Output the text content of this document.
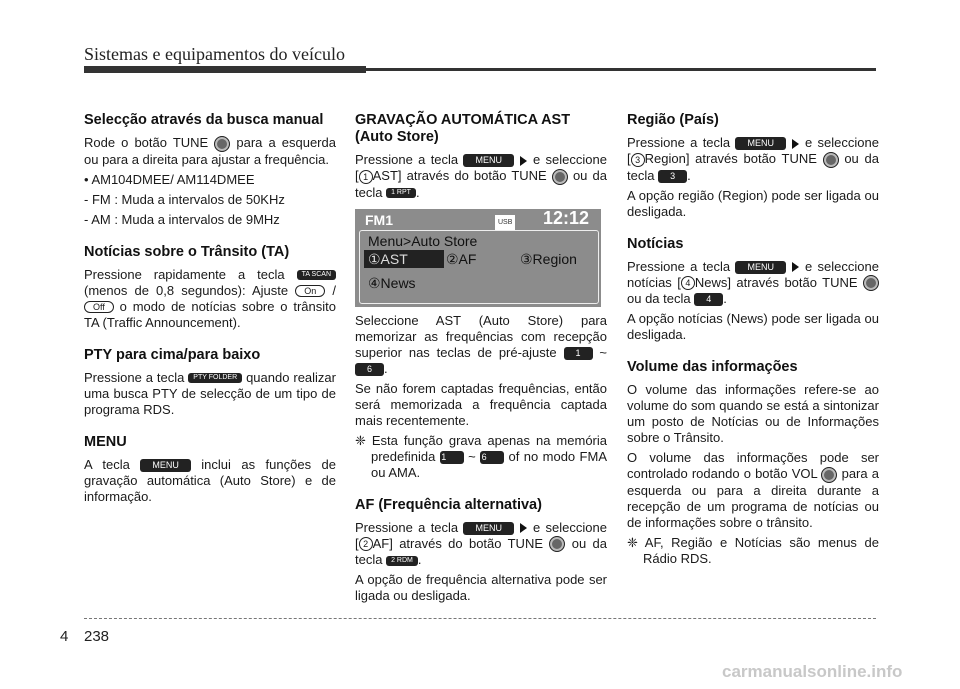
Sistemas e equipamentos do veículo
Selecção através da busca manual

Rode o botão TUNE para a esquerda ou para a direita para ajustar a frequência.

• AM104DMEE/ AM114DMEE

- FM : Muda a intervalos de 50KHz

- AM : Muda a intervalos de 9MHz

Notícias sobre o Trânsito (TA)

Pressione rapidamente a tecla TA SCAN (menos de 0,8 segundos): Ajuste On /Off o modo de notícias sobre o trânsito TA (Traffic Announcement).

PTY para cima/para baixo

Pressione a tecla PTY FOLDER quando realizar uma busca PTY de selecção de um tipo de programa RDS.

MENU

A tecla MENU inclui as funções de gravação automática (Auto Store) e de informação.

GRAVAÇÃO AUTOMÁTICA AST (Auto Store)

Pressione a tecla MENU e seleccione [ 1 AST] através do botão TUNE ou da tecla 1 RPT .

FM1	USB 12:12
Menu>Auto Store
①AST	②AF	③Region
④News

Seleccione AST (Auto Store) para memorizar as frequências com recepção superior nas teclas de pré-ajuste 1 ~ 6 .

Se não forem captadas frequências, então será memorizada a frequência captada mais recentemente.

❈ Esta função grava apenas na memória predefinida 1 ~ 6 of no modo FMA ou AMA.

AF (Frequência alternativa)

Pressione a tecla MENU e seleccione [ 2 AF] através do botão TUNE ou da tecla 2 RDM .

A opção de frequência alternativa pode ser ligada ou desligada.

Região (País)

Pressione a tecla MENU e seleccione [ 3 Region] através botão TUNE ou da tecla 3 .

A opção região (Region) pode ser ligada ou desligada.

Notícias

Pressione a tecla MENU e seleccione notícias [ 4 News] através botão TUNE  ou da tecla 4 .

A opção notícias (News) pode ser ligada ou desligada.

Volume das informações

O volume das informações refere-se ao volume do som quando se está a sintonizar um posto de Notícias ou de Informações sobre o Trânsito.

O volume das informações pode ser controlado rodando o botão VOL para a esquerda ou para a direita durante a recepção de um programa de notícias ou de informações sobre o trânsito.

❈ AF, Região e Notícias são menus de Rádio RDS.

4 238
carmanualsonline.info
